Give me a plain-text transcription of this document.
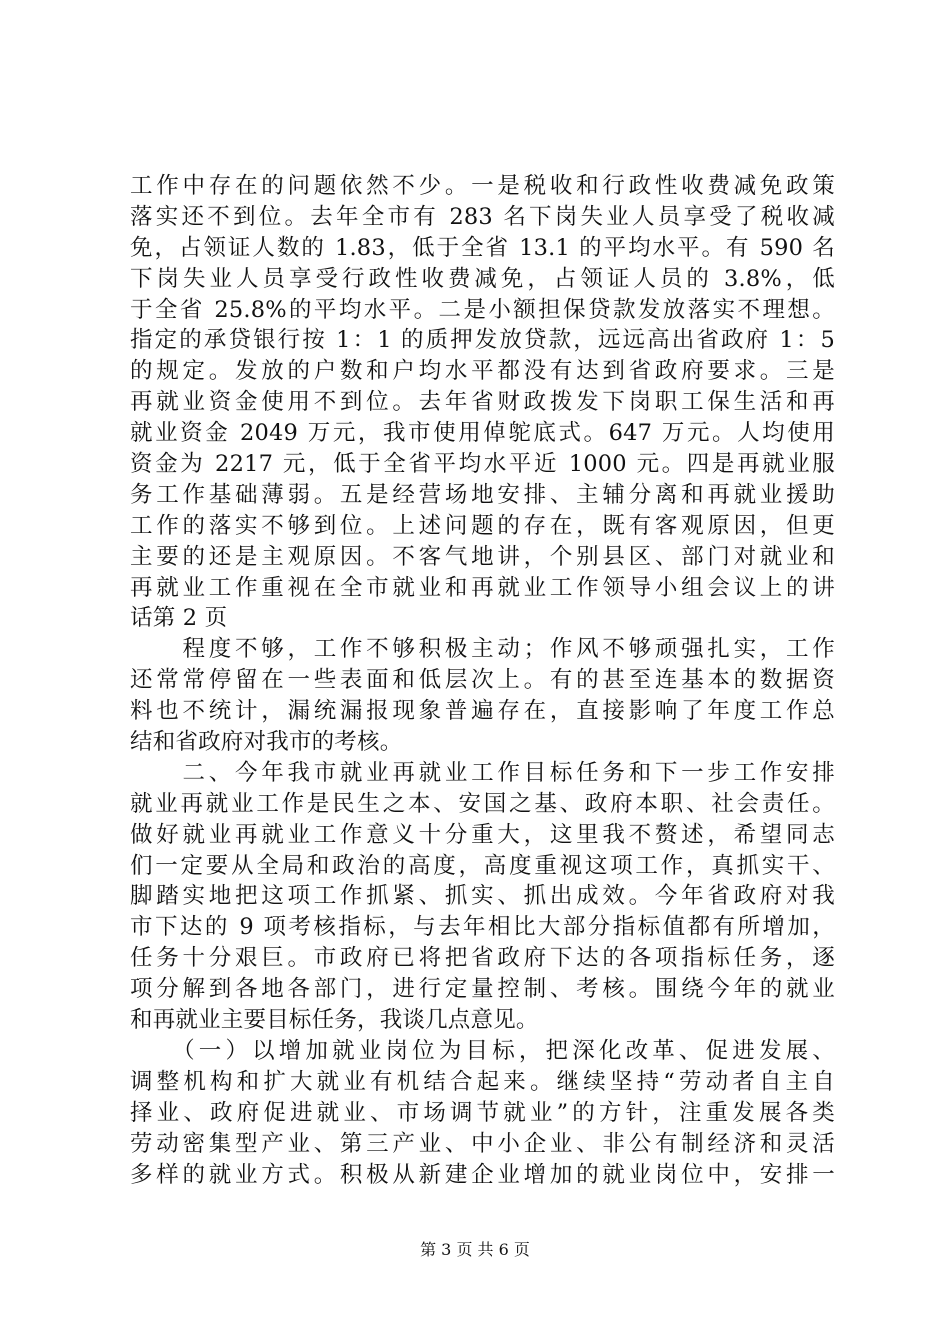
工作中存在的问题依然不少。一是税收和行政性收费减免政策
落实还不到位。去年全市有 283 名下岗失业人员享受了税收减
免，占领证人数的 1.83，低于全省 13.1 的平均水平。有 590 名
下岗失业人员享受行政性收费减免，占领证人员的 3.8%，低
于全省 25.8%的平均水平。二是小额担保贷款发放落实不理想。
指定的承贷银行按 1：1 的质押发放贷款，远远高出省政府 1：5
的规定。发放的户数和户均水平都没有达到省政府要求。三是
再就业资金使用不到位。去年省财政拨发下岗职工保生活和再
就业资金 2049 万元，我市使用倬鸵底式。647 万元。人均使用
资金为 2217 元，低于全省平均水平近 1000 元。四是再就业服
务工作基础薄弱。五是经营场地安排、主辅分离和再就业援助
工作的落实不够到位。上述问题的存在，既有客观原因，但更
主要的还是主观原因。不客气地讲，个别县区、部门对就业和
再就业工作重视在全市就业和再就业工作领导小组会议上的讲
话第 2 页
　　程度不够，工作不够积极主动；作风不够顽强扎实，工作
还常常停留在一些表面和低层次上。有的甚至连基本的数据资
料也不统计，漏统漏报现象普遍存在，直接影响了年度工作总
结和省政府对我市的考核。
　　二、今年我市就业再就业工作目标任务和下一步工作安排
就业再就业工作是民生之本、安国之基、政府本职、社会责任。
做好就业再就业工作意义十分重大，这里我不赘述，希望同志
们一定要从全局和政治的高度，高度重视这项工作，真抓实干、
脚踏实地把这项工作抓紧、抓实、抓出成效。今年省政府对我
市下达的 9 项考核指标，与去年相比大部分指标值都有所增加，
任务十分艰巨。市政府已将把省政府下达的各项指标任务，逐
项分解到各地各部门，进行定量控制、考核。围绕今年的就业
和再就业主要目标任务，我谈几点意见。
　　（一）以增加就业岗位为目标，把深化改革、促进发展、
调整机构和扩大就业有机结合起来。继续坚持“劳动者自主自
择业、政府促进就业、市场调节就业”的方针，注重发展各类
劳动密集型产业、第三产业、中小企业、非公有制经济和灵活
多样的就业方式。积极从新建企业增加的就业岗位中，安排一
第 3 页 共 6 页
